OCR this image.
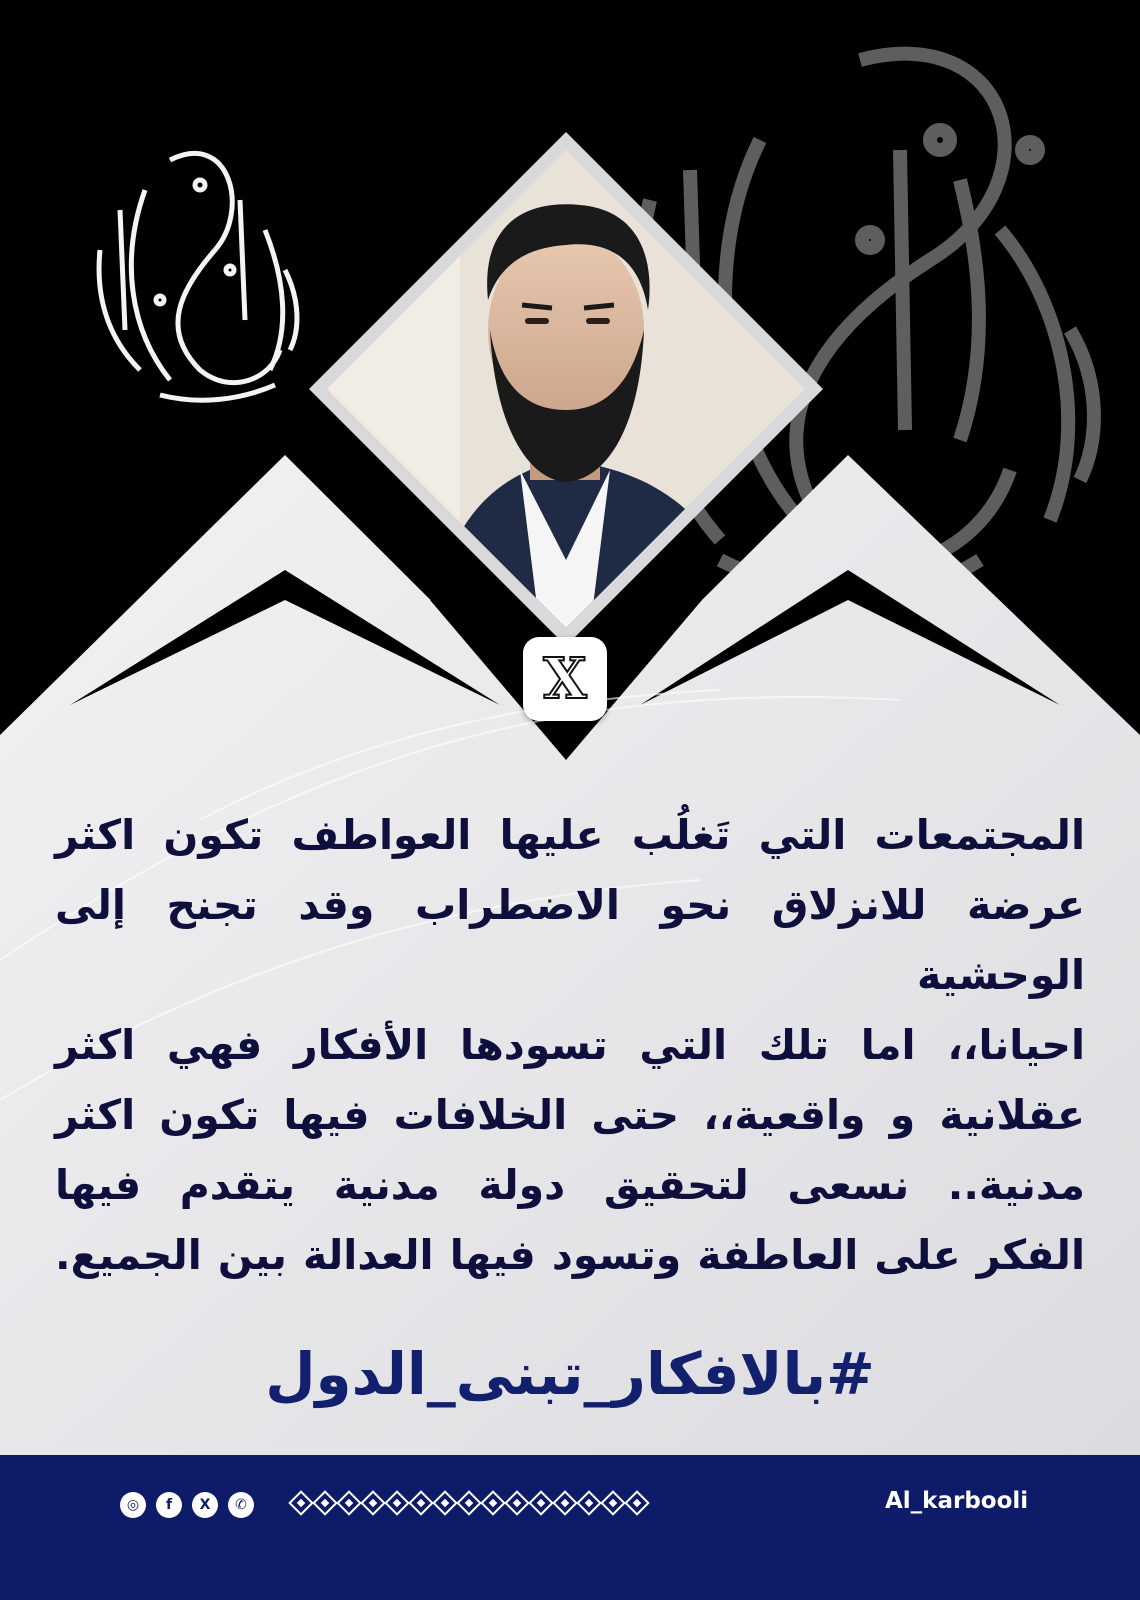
X

المجتمعات التي تَغلُب عليها العواطف تكون اكثر

عرضة للانزلاق نحو الاضطراب وقد تجنح إلى الوحشية

احيانا،، اما تلك التي تسودها الأفكار فهي اكثر

عقلانية و واقعية،، حتى الخلافات فيها تكون اكثر

مدنية.. نسعى لتحقيق دولة مدنية يتقدم فيها

الفكر على العاطفة وتسود فيها العدالة بين الجميع.

#بالافكار_تبنى_الدول
◎	f	X	✆	Al_karbooli
